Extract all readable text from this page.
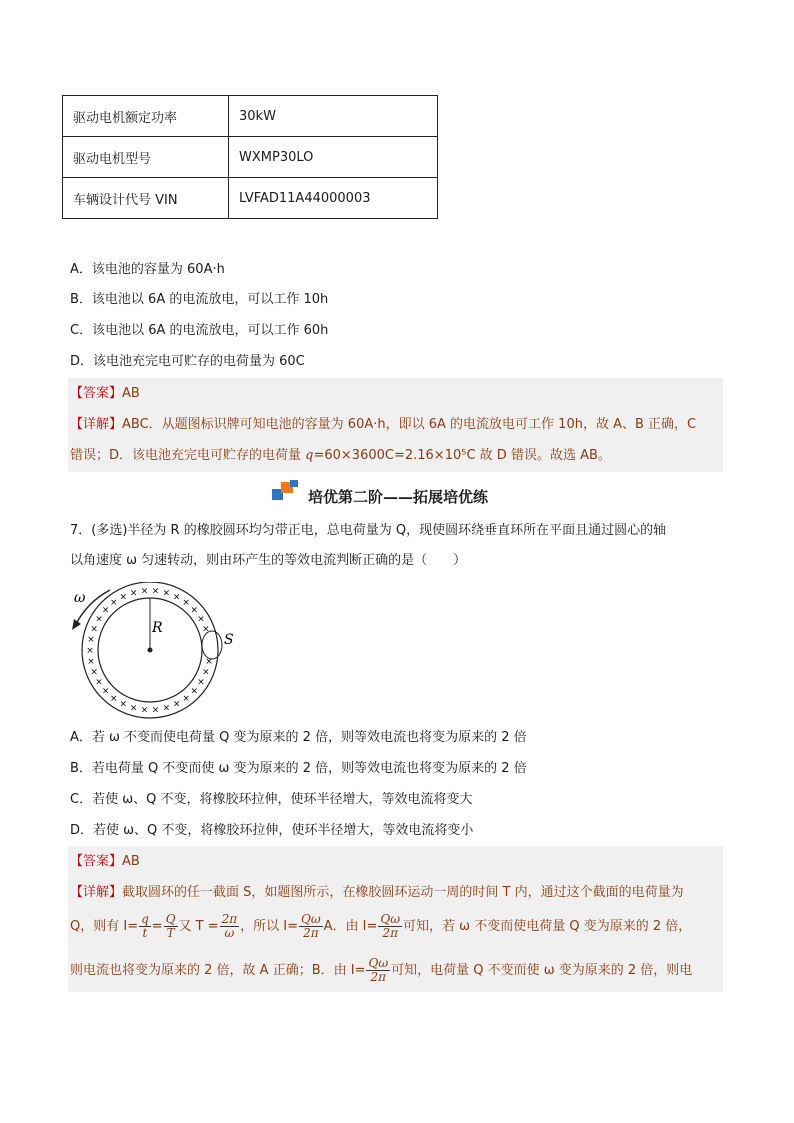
驱动电机额定功率	30kW
驱动电机型号	WXMP30LO
车辆设计代号 VIN	LVFAD11A44000003
A．该电池的容量为 60A·h
B．该电池以 6A 的电流放电，可以工作 10h
C．该电池以 6A 的电流放电，可以工作 60h
D．该电池充完电可贮存的电荷量为 60C
【答案】AB
【详解】ABC．从题图标识牌可知电池的容量为 60A·h，即以 6A 的电流放电可工作 10h，故 A、B 正确，C
错误；D．该电池充完电可贮存的电荷量 q=60×3600C=2.16×10⁵C 故 D 错误。故选 AB。
培优第二阶——拓展培优练
7．(多选)半径为 R 的橡胶圆环均匀带正电，总电荷量为 Q，现使圆环绕垂直环所在平面且通过圆心的轴
以角速度 ω 匀速转动，则由环产生的等效电流判断正确的是（　　）
×
×
×
×
×
×
×
×
×
×
×
×
×
×
×
×
×
×
×
×
×
×
× × × × × ×
×
×
×
×
R
S
ω
A．若 ω 不变而使电荷量 Q 变为原来的 2 倍，则等效电流也将变为原来的 2 倍
B．若电荷量 Q 不变而使 ω 变为原来的 2 倍，则等效电流也将变为原来的 2 倍
C．若使 ω、Q 不变，将橡胶环拉伸，使环半径增大，等效电流将变大
D．若使 ω、Q 不变，将橡胶环拉伸，使环半径增大，等效电流将变小
【答案】AB
【详解】截取圆环的任一截面 S，如题图所示，在橡胶圆环运动一周的时间 T 内，通过这个截面的电荷量为
Q，则有 $I= \frac{q}{t} = \frac{Q}{T}$ 又 $T = \frac{2\pi}{\omega}$ ，所以 $I= \frac{Q\omega}{2\pi}$ A．由 $I= \frac{Q\omega}{2\pi}$ 可知，若 ω 不变而使电荷量 Q 变为原来的 2 倍，
则电流也将变为原来的 2 倍，故 A 正确；B．由 $I= \frac{Q\omega}{2\pi}$ 可知，电荷量 Q 不变而使 ω 变为原来的 2 倍，则电
